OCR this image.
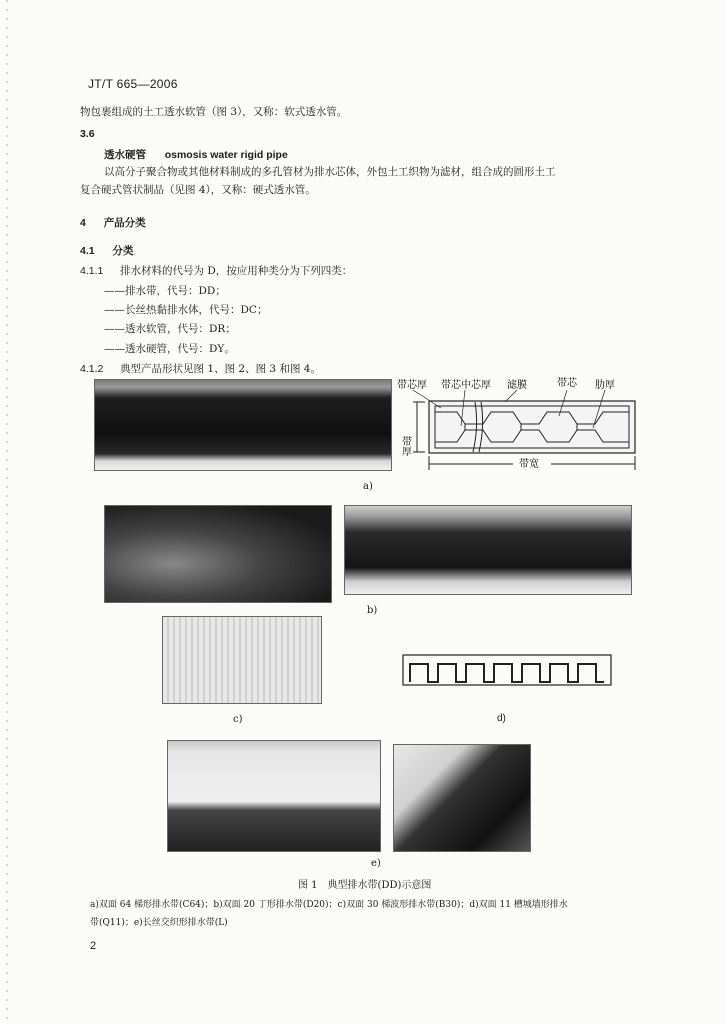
JT/T 665—2006
物包裹组成的土工透水软管（图 3），又称：软式透水管。
3.6
透水硬管 osmosis water rigid pipe
以高分子聚合物或其他材料制成的多孔管材为排水芯体，外包土工织物为滤材，组合成的圆形土工
复合硬式管状制品（见图 4），又称：硬式透水管。
4 产品分类
4.1 分类
4.1.1 排水材料的代号为 D，按应用种类分为下列四类：
——排水带，代号：DD；
——长丝热黏排水体，代号：DC；
——透水软管，代号：DR；
——透水硬管，代号：DY。
4.1.2 典型产品形状见图 1、图 2、图 3 和图 4。
带芯厚 带芯中芯厚 滤膜	带芯 肋厚
带厚
带宽
a)
b)
c)	d)
e)
图 1　典型排水带(DD)示意图
a)双面 64 梯形排水带(C64)；b)双面 20 丁形排水带(D20)；c)双面 30 梯波形排水带(B30)；d)双面 11 槽城墙形排水
带(Q11)；e)长丝交织形排水带(L)
2
